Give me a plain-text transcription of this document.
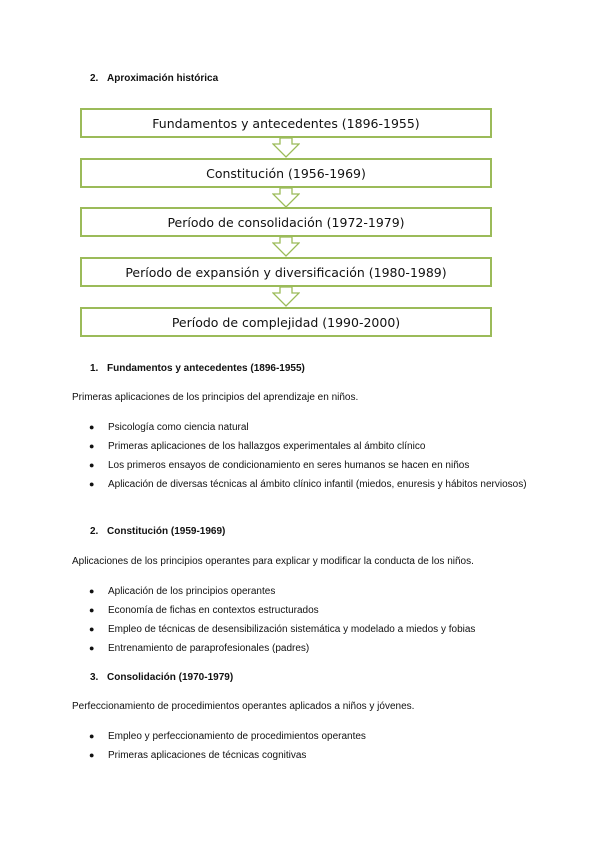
2. Aproximación histórica
Fundamentos y antecedentes (1896-1955)
Constitución (1956-1969)
Período de consolidación (1972-1979)
Período de expansión y diversificación (1980-1989)
Período de complejidad (1990-2000)
1. Fundamentos y antecedentes (1896-1955)
Primeras aplicaciones de los principios del aprendizaje en niños.
● Psicología como ciencia natural
● Primeras aplicaciones de los hallazgos experimentales al ámbito clínico
● Los primeros ensayos de condicionamiento en seres humanos se hacen en niños
● Aplicación de diversas técnicas al ámbito clínico infantil (miedos, enuresis y hábitos nerviosos)
2. Constitución (1959-1969)
Aplicaciones de los principios operantes para explicar y modificar la conducta de los niños.
● Aplicación de los principios operantes
● Economía de fichas en contextos estructurados
● Empleo de técnicas de desensibilización sistemática y modelado a miedos y fobias
● Entrenamiento de paraprofesionales (padres)
3. Consolidación (1970-1979)
Perfeccionamiento de procedimientos operantes aplicados a niños y jóvenes.
● Empleo y perfeccionamiento de procedimientos operantes
● Primeras aplicaciones de técnicas cognitivas
